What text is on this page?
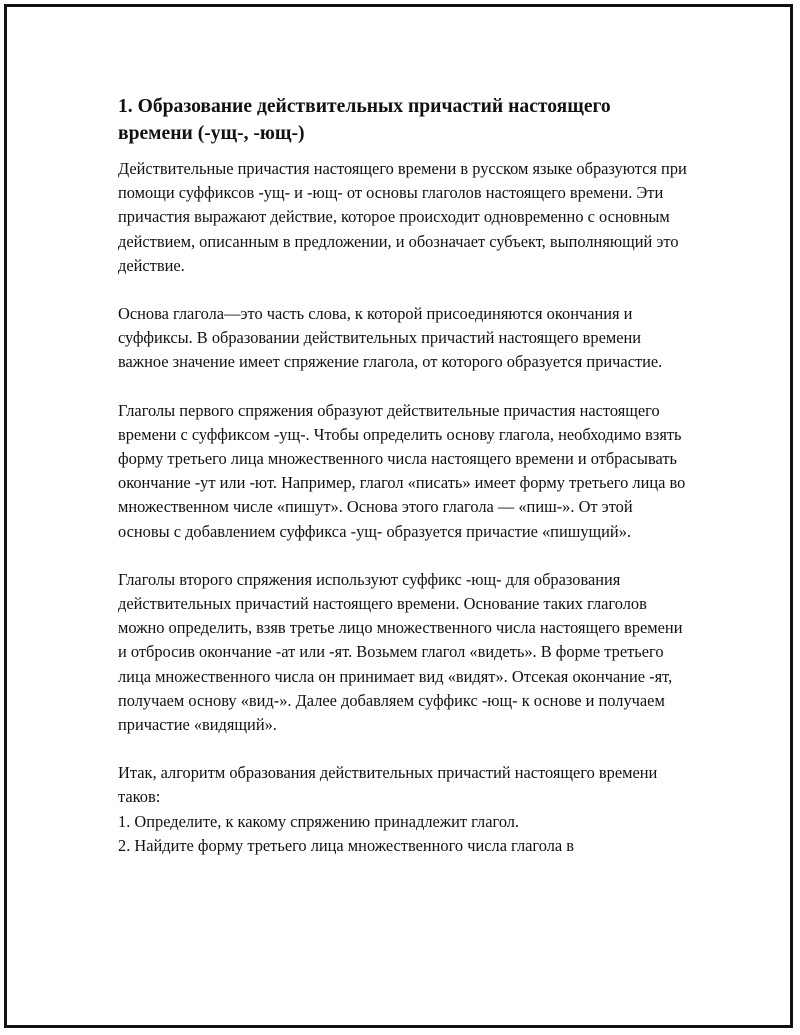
1. Образование действительных причастий настоящего времени (-ущ-, -ющ-)

Действительные причастия настоящего времени в русском языке образуются при помощи суффиксов -ущ- и -ющ- от основы глаголов настоящего времени. Эти причастия выражают действие, которое происходит одновременно с основным действием, описанным в предложении, и обозначает субъект, выполняющий это действие.

Основа глагола—это часть слова, к которой присоединяются окончания и суффиксы. В образовании действительных причастий настоящего времени важное значение имеет спряжение глагола, от которого образуется причастие.

Глаголы первого спряжения образуют действительные причастия настоящего времени с суффиксом -ущ-. Чтобы определить основу глагола, необходимо взять форму третьего лица множественного числа настоящего времени и отбрасывать окончание -ут или -ют. Например, глагол «писать» имеет форму третьего лица во множественном числе «пишут». Основа этого глагола — «пиш-». От этой основы с добавлением суффикса -ущ- образуется причастие «пишущий».

Глаголы второго спряжения используют суффикс -ющ- для образования действительных причастий настоящего времени. Основание таких глаголов можно определить, взяв третье лицо множественного числа настоящего времени и отбросив окончание -ат или -ят. Возьмем глагол «видеть». В форме третьего лица множественного числа он принимает вид «видят». Отсекая окончание -ят, получаем основу «вид-». Далее добавляем суффикс -ющ- к основе и получаем причастие «видящий».

Итак, алгоритм образования действительных причастий настоящего времени таков:

1. Определите, к какому спряжению принадлежит глагол.
2. Найдите форму третьего лица множественного числа глагола в
